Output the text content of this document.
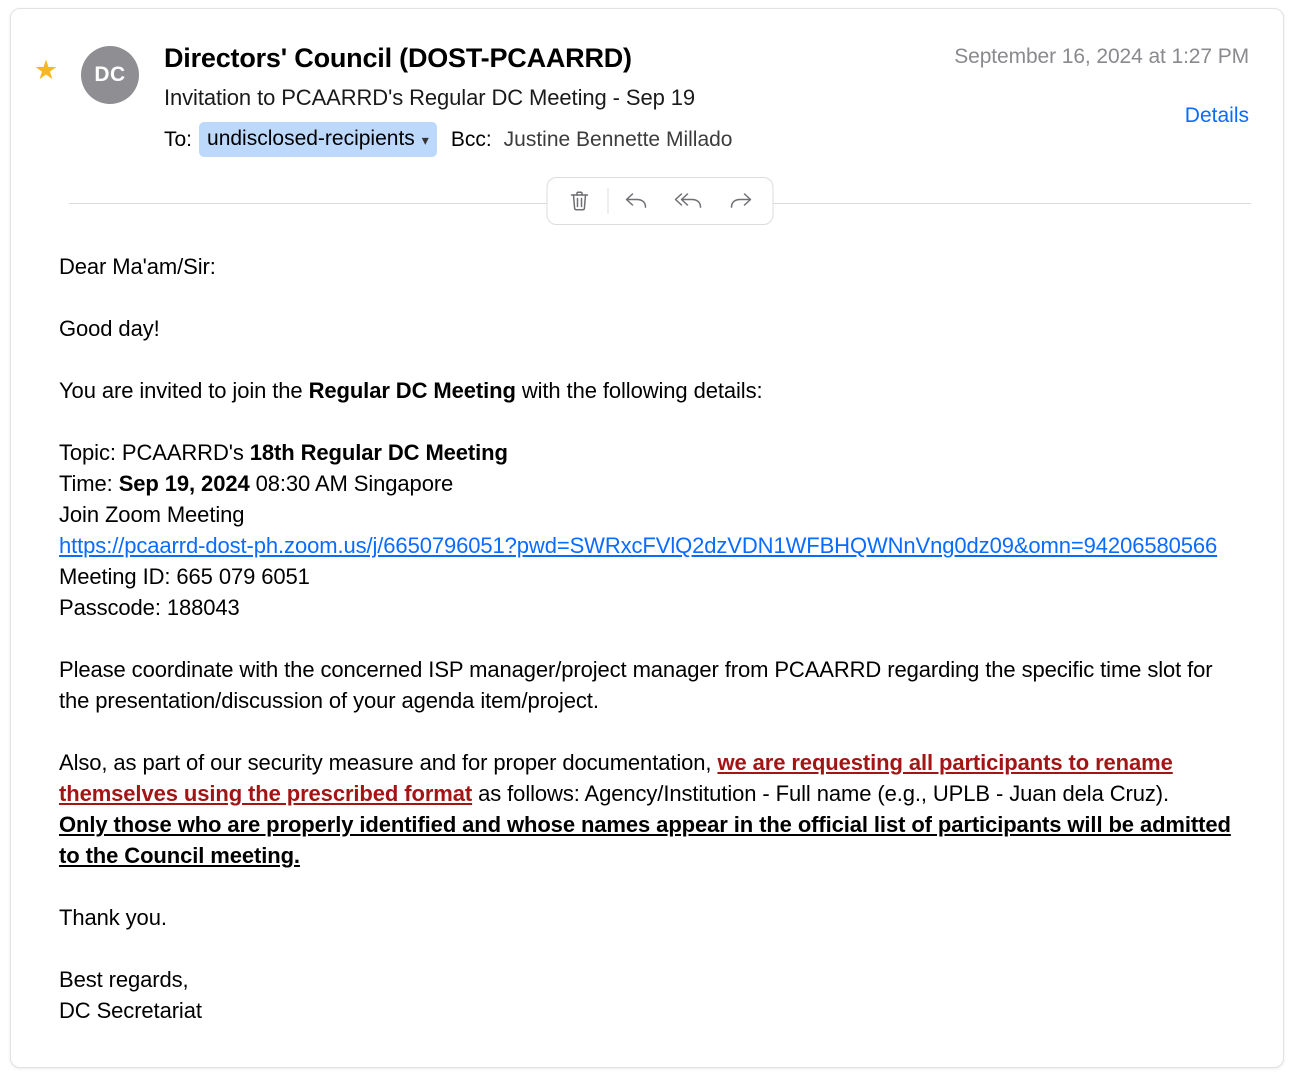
★	DC
September 16, 2024 at 1:27 PM
Details
Directors' Council (DOST-PCAARRD)
Invitation to PCAARRD's Regular DC Meeting - Sep 19
To: undisclosed-recipients ▾ Bcc: Justine Bennette Millado

Dear Ma'am/Sir:

Good day!

You are invited to join the Regular DC Meeting with the following details:

Topic: PCAARRD's 18th Regular DC Meeting
Time: Sep 19, 2024 08:30 AM Singapore
Join Zoom Meeting
https://pcaarrd-dost-ph.zoom.us/j/6650796051?pwd=SWRxcFVlQ2dzVDN1WFBHQWNnVng0dz09&omn=94206580566
Meeting ID: 665 079 6051
Passcode: 188043

Please coordinate with the concerned ISP manager/project manager from PCAARRD regarding the specific time slot for the presentation/discussion of your agenda item/project.

Also, as part of our security measure and for proper documentation, we are requesting all participants to rename themselves using the prescribed format as follows: Agency/Institution - Full name (e.g., UPLB - Juan dela Cruz).
Only those who are properly identified and whose names appear in the official list of participants will be admitted to the Council meeting.

Thank you.

Best regards,
DC Secretariat
